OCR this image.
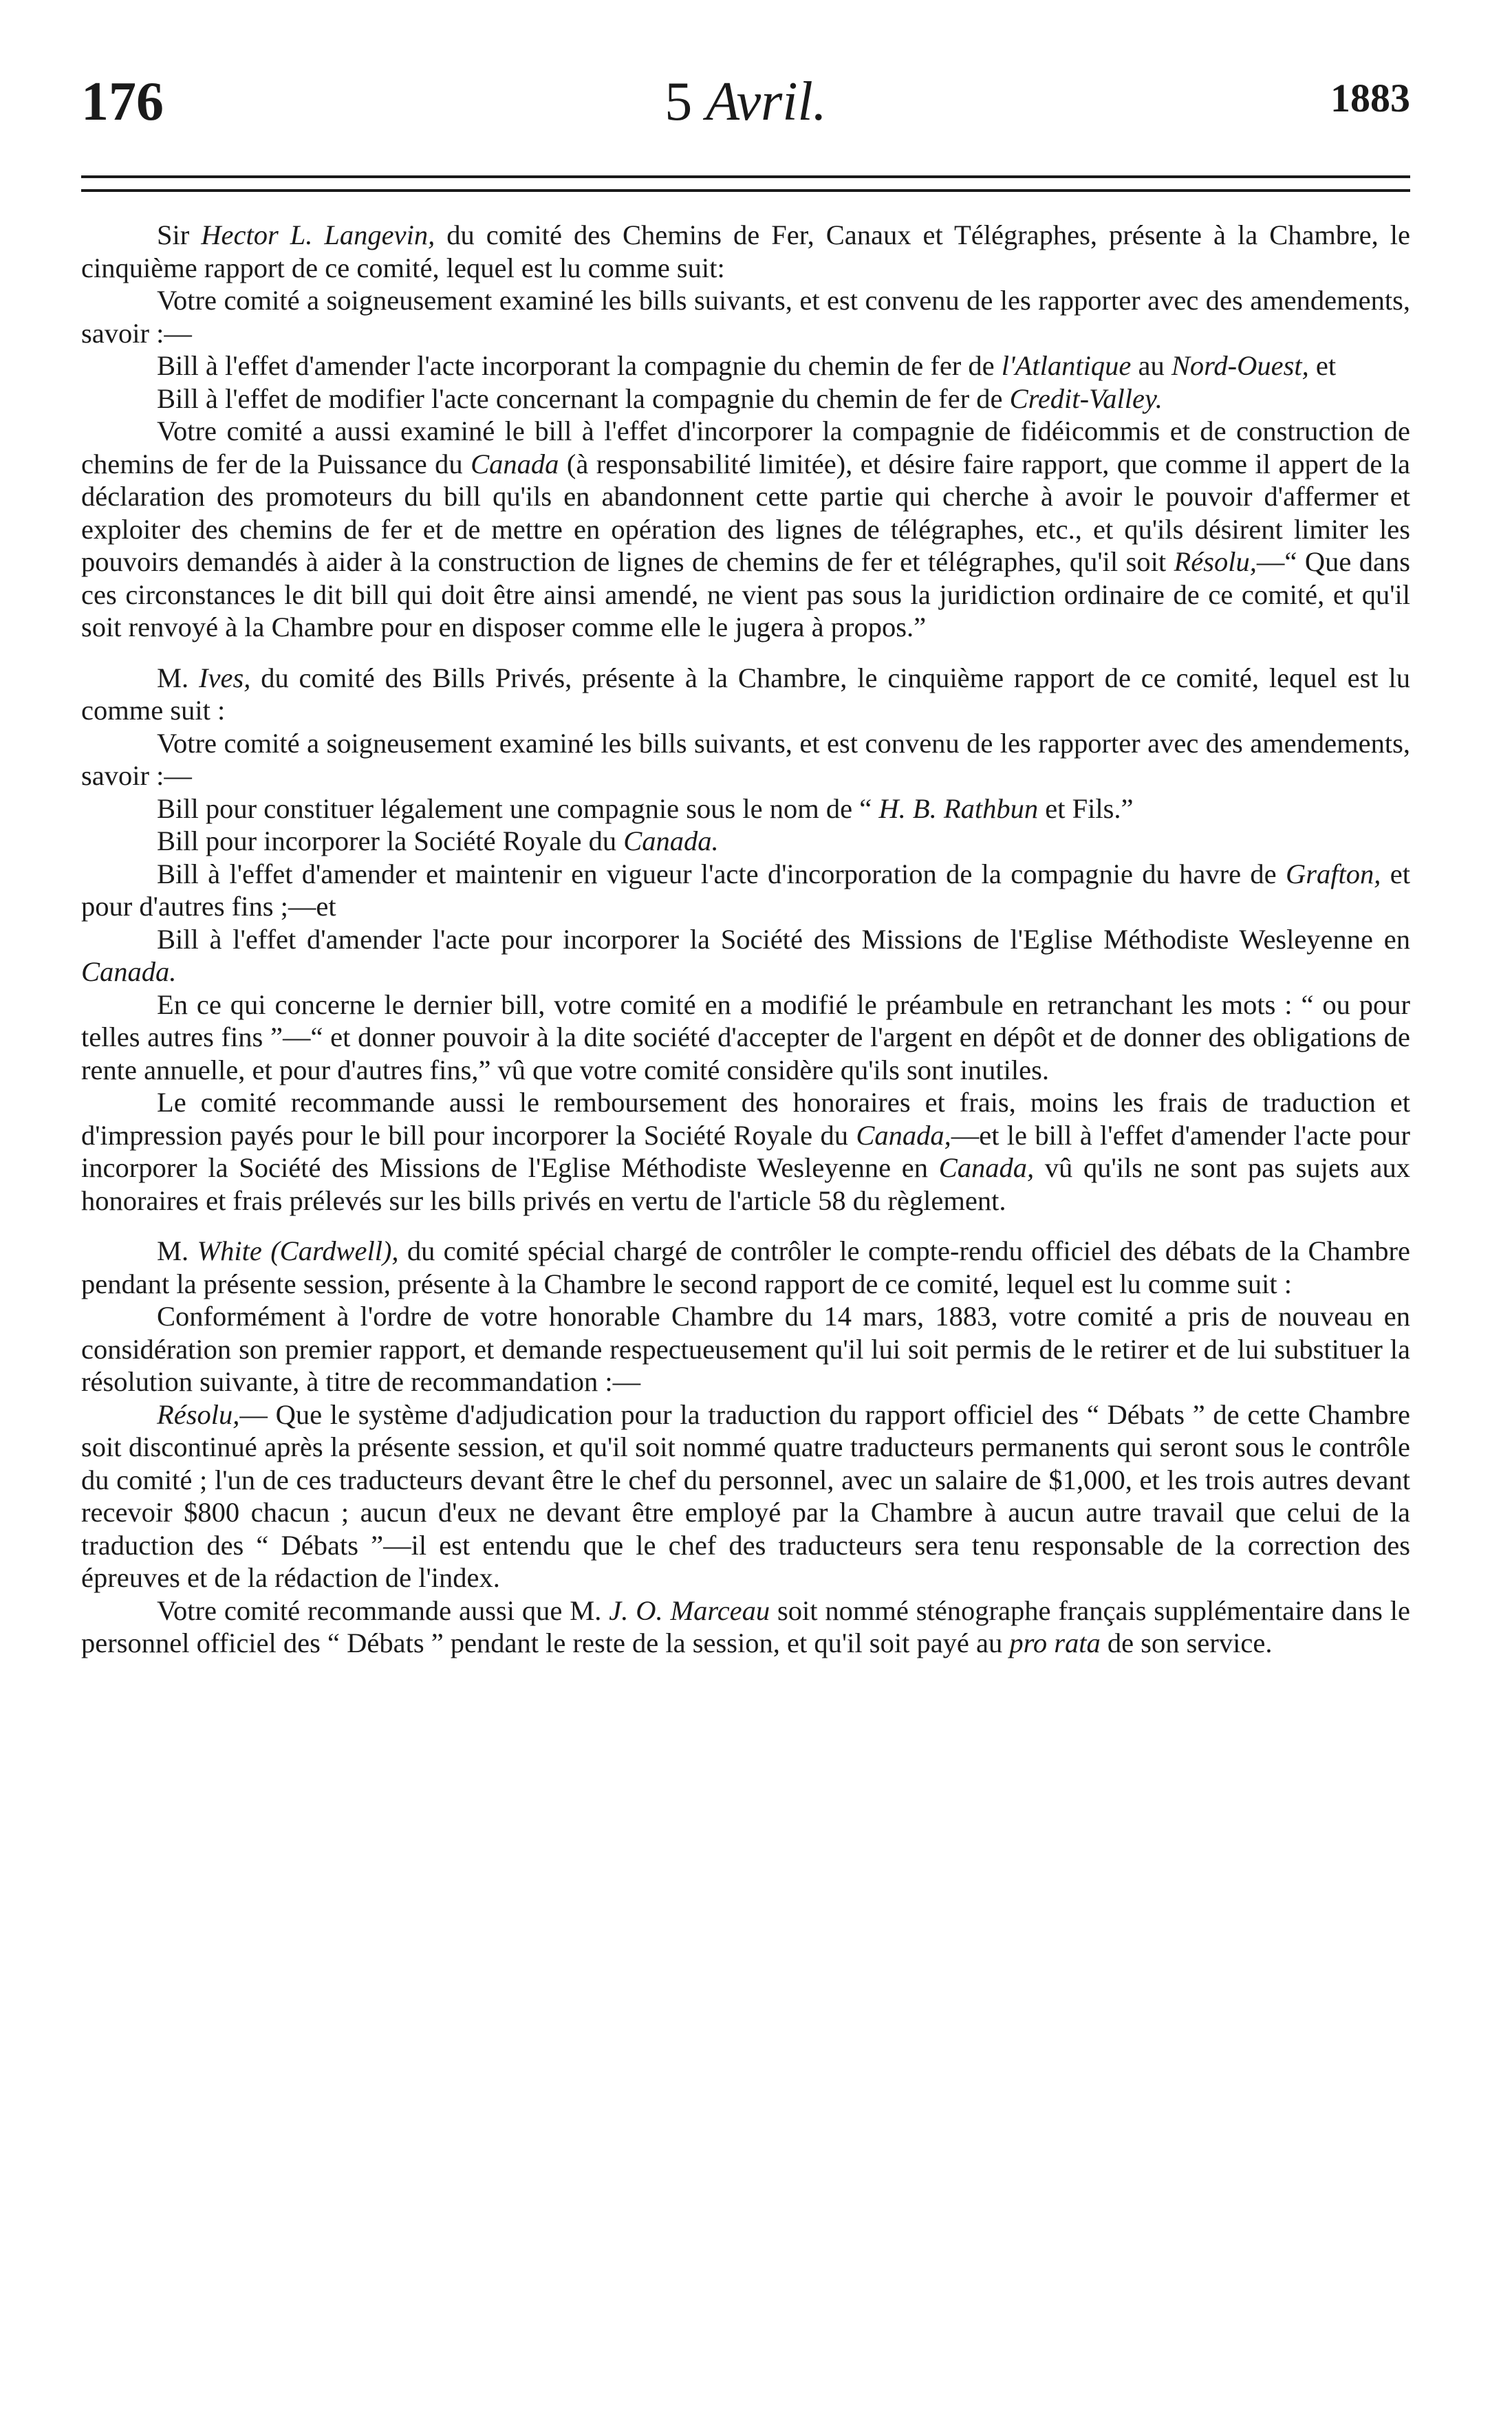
176	5 Avril.	1883

Sir Hector L. Langevin, du comité des Chemins de Fer, Canaux et Télégraphes, présente à la Chambre, le cinquième rapport de ce comité, lequel est lu comme suit:

Votre comité a soigneusement examiné les bills suivants, et est convenu de les rapporter avec des amendements, savoir :—

Bill à l'effet d'amender l'acte incorporant la compagnie du chemin de fer de l'Atlantique au Nord-Ouest, et

Bill à l'effet de modifier l'acte concernant la compagnie du chemin de fer de Credit-Valley.

Votre comité a aussi examiné le bill à l'effet d'incorporer la compagnie de fidéicommis et de construction de chemins de fer de la Puissance du Canada (à responsabilité limitée), et désire faire rapport, que comme il appert de la déclaration des promoteurs du bill qu'ils en abandonnent cette partie qui cherche à avoir le pouvoir d'affermer et exploiter des chemins de fer et de mettre en opération des lignes de télégraphes, etc., et qu'ils désirent limiter les pouvoirs demandés à aider à la construction de lignes de chemins de fer et télégraphes, qu'il soit Résolu,—“ Que dans ces circonstances le dit bill qui doit être ainsi amendé, ne vient pas sous la juridiction ordinaire de ce comité, et qu'il soit renvoyé à la Chambre pour en disposer comme elle le jugera à propos.”

M. Ives, du comité des Bills Privés, présente à la Chambre, le cinquième rapport de ce comité, lequel est lu comme suit :

Votre comité a soigneusement examiné les bills suivants, et est convenu de les rapporter avec des amendements, savoir :—

Bill pour constituer légalement une compagnie sous le nom de “ H. B. Rathbun et Fils.”

Bill pour incorporer la Société Royale du Canada.

Bill à l'effet d'amender et maintenir en vigueur l'acte d'incorporation de la compagnie du havre de Grafton, et pour d'autres fins ;—et

Bill à l'effet d'amender l'acte pour incorporer la Société des Missions de l'Eglise Méthodiste Wesleyenne en Canada.

En ce qui concerne le dernier bill, votre comité en a modifié le préambule en retranchant les mots : “ ou pour telles autres fins ”—“ et donner pouvoir à la dite société d'accepter de l'argent en dépôt et de donner des obligations de rente annuelle, et pour d'autres fins,” vû que votre comité considère qu'ils sont inutiles.

Le comité recommande aussi le remboursement des honoraires et frais, moins les frais de traduction et d'impression payés pour le bill pour incorporer la Société Royale du Canada,—et le bill à l'effet d'amender l'acte pour incorporer la Société des Missions de l'Eglise Méthodiste Wesleyenne en Canada, vû qu'ils ne sont pas sujets aux honoraires et frais prélevés sur les bills privés en vertu de l'article 58 du règlement.

M. White (Cardwell), du comité spécial chargé de contrôler le compte-rendu officiel des débats de la Chambre pendant la présente session, présente à la Chambre le second rapport de ce comité, lequel est lu comme suit :

Conformément à l'ordre de votre honorable Chambre du 14 mars, 1883, votre comité a pris de nouveau en considération son premier rapport, et demande respectueusement qu'il lui soit permis de le retirer et de lui substituer la résolution suivante, à titre de recommandation :—

Résolu,— Que le système d'adjudication pour la traduction du rapport officiel des “ Débats ” de cette Chambre soit discontinué après la présente session, et qu'il soit nommé quatre traducteurs permanents qui seront sous le contrôle du comité ; l'un de ces traducteurs devant être le chef du personnel, avec un salaire de $1,000, et les trois autres devant recevoir $800 chacun ; aucun d'eux ne devant être employé par la Chambre à aucun autre travail que celui de la traduction des “ Débats ”—il est entendu que le chef des traducteurs sera tenu responsable de la correction des épreuves et de la rédaction de l'index.

Votre comité recommande aussi que M. J. O. Marceau soit nommé sténographe français supplémentaire dans le personnel officiel des “ Débats ” pendant le reste de la session, et qu'il soit payé au pro rata de son service.
